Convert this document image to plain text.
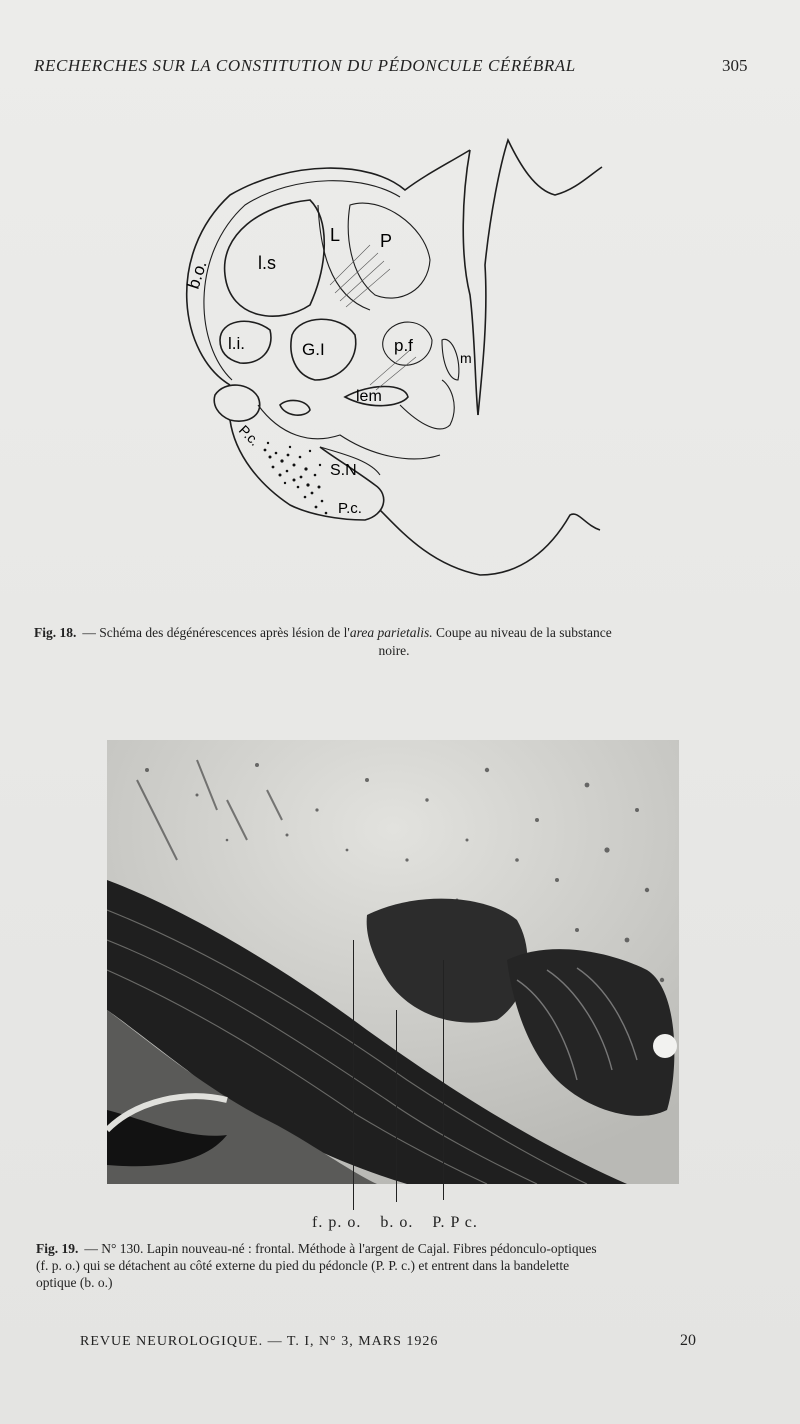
RECHERCHES SUR LA CONSTITUTION DU PÉDONCULE CÉRÉBRAL	305
b.o.	l.s
L P
l.i.	G.I	p.f
m
lem
P.c.
S.N
P.c.
Fig. 18. — Schéma des dégénérescences après lésion de l'area parietalis. Coupe au niveau de la substance
noire.
f. p. o. b. o. P. P c.
Fig. 19. — N° 130. Lapin nouveau-né : frontal. Méthode à l'argent de Cajal. Fibres pédonculo-optiques
(f. p. o.) qui se détachent au côté externe du pied du pédoncle (P. P. c.) et entrent dans la bandelette
optique (b. o.)
REVUE NEUROLOGIQUE. — T. I, N° 3, MARS 1926	20
